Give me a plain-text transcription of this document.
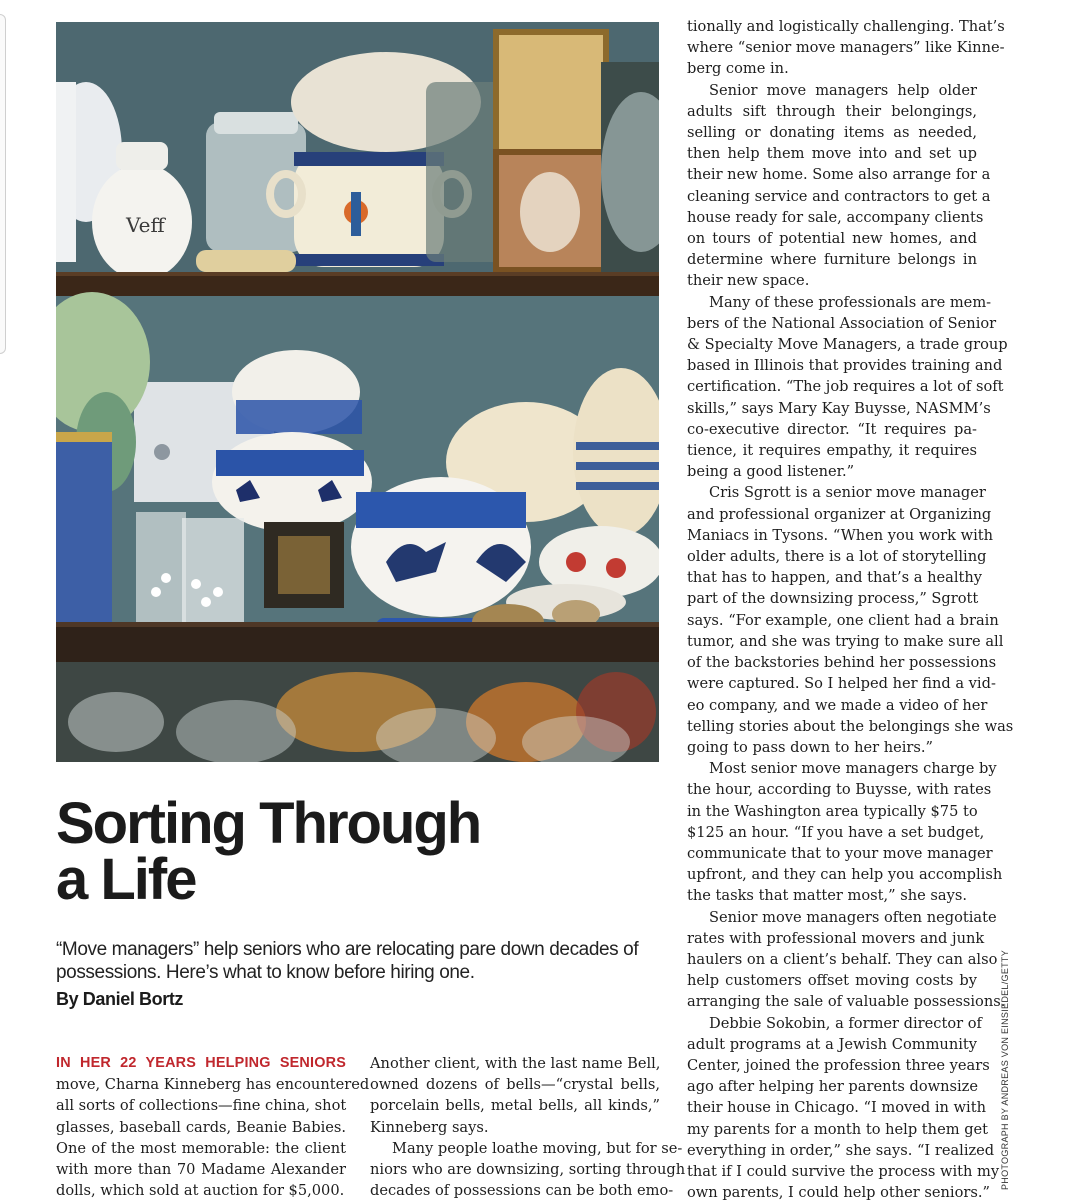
Veff
Sorting Through
a Life
“Move managers” help seniors who are relocating pare down decades of possessions. Here’s what to know before hiring one.
By Daniel Bortz
IN HER 22 YEARS HELPING SENIORS
move, Charna Kinneberg has encountered
all sorts of collections—fine china, shot
glasses, baseball cards, Beanie Babies.
One of the most memorable: the client
with more than 70 Madame Alexander
dolls, which sold at auction for $5,000.
Another client, with the last name Bell,
owned dozens of bells—“crystal bells,
porcelain bells, metal bells, all kinds,”
Kinneberg says.
Many people loathe moving, but for se-
niors who are downsizing, sorting through
decades of possessions can be both emo-
tionally and logistically challenging. That’s
where “senior move managers” like Kinne-
berg come in.
Senior move managers help older
adults sift through their belongings,
selling or donating items as needed,
then help them move into and set up
their new home. Some also arrange for a
cleaning service and contractors to get a
house ready for sale, accompany clients
on tours of potential new homes, and
determine where furniture belongs in
their new space.
Many of these professionals are mem-
bers of the National Association of Senior
& Specialty Move Managers, a trade group
based in Illinois that provides training and
certification. “The job requires a lot of soft
skills,” says Mary Kay Buysse, NASMM’s
co-executive director. “It requires pa-
tience, it requires empathy, it requires
being a good listener.”
Cris Sgrott is a senior move manager
and professional organizer at Organizing
Maniacs in Tysons. “When you work with
older adults, there is a lot of storytelling
that has to happen, and that’s a healthy
part of the downsizing process,” Sgrott
says. “For example, one client had a brain
tumor, and she was trying to make sure all
of the backstories behind her possessions
were captured. So I helped her find a vid-
eo company, and we made a video of her
telling stories about the belongings she was
going to pass down to her heirs.”
Most senior move managers charge by
the hour, according to Buysse, with rates
in the Washington area typically $75 to
$125 an hour. “If you have a set budget,
communicate that to your move manager
upfront, and they can help you accomplish
the tasks that matter most,” she says.
Senior move managers often negotiate
rates with professional movers and junk
haulers on a client’s behalf. They can also
help customers offset moving costs by
arranging the sale of valuable possessions.
Debbie Sokobin, a former director of
adult programs at a Jewish Community
Center, joined the profession three years
ago after helping her parents downsize
their house in Chicago. “I moved in with
my parents for a month to help them get
everything in order,” she says. “I realized
that if I could survive the process with my
own parents, I could help other seniors.”
PHOTOGRAPH BY ANDREAS VON EINSIEDEL/GETTY
